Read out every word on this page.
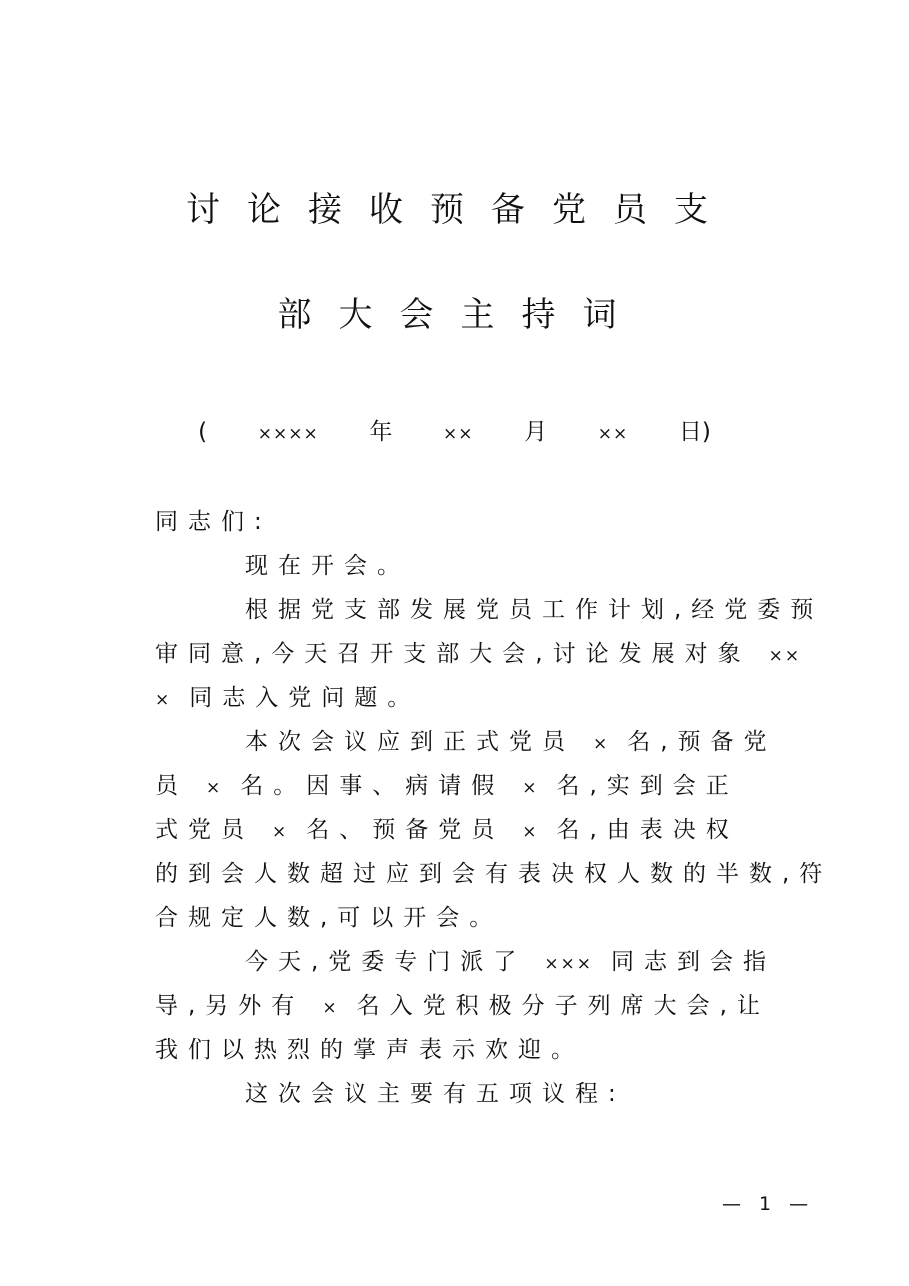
讨论接收预备党员支
部大会主持词
(	×××× 年	×× 月	×× 日)
同志们:
现在开会。
根据党支部发展党员工作计划,经党委预
审同意,今天召开支部大会,讨论发展对象 ××
× 同志入党问题。
本次会议应到正式党员 × 名,预备党
员 × 名。因事、病请假 × 名,实到会正
式党员 × 名、预备党员 × 名,由表决权
的到会人数超过应到会有表决权人数的半数,符
合规定人数,可以开会。
今天,党委专门派了 ××× 同志到会指
导,另外有 × 名入党积极分子列席大会,让
我们以热烈的掌声表示欢迎。
这次会议主要有五项议程:
— 1 —
